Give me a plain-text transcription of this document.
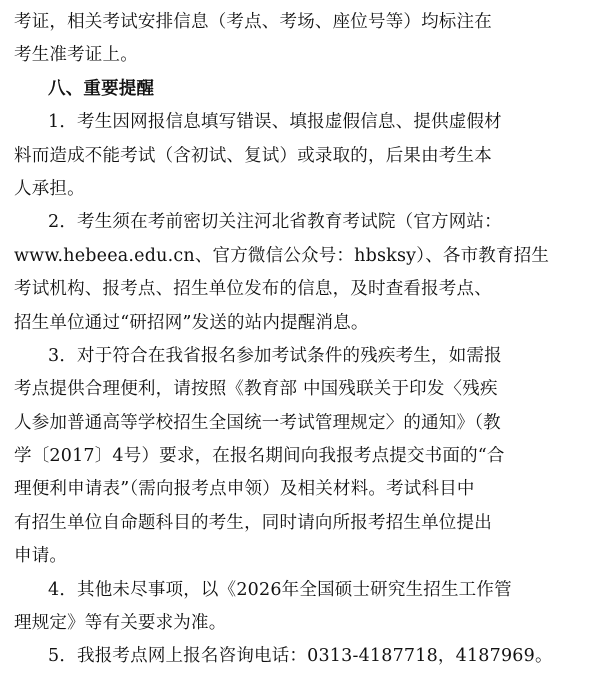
考证，相关考试安排信息（考点、考场、座位号等）均标注在
考生准考证上。
八、重要提醒
1．考生因网报信息填写错误、填报虚假信息、提供虚假材
料而造成不能考试（含初试、复试）或录取的，后果由考生本
人承担。
2．考生须在考前密切关注河北省教育考试院（官方网站：
www.hebeea.edu.cn、官方微信公众号：hbsksy）、各市教育招生
考试机构、报考点、招生单位发布的信息，及时查看报考点、
招生单位通过“研招网”发送的站内提醒消息。
3．对于符合在我省报名参加考试条件的残疾考生，如需报
考点提供合理便利，请按照《教育部 中国残联关于印发〈残疾
人参加普通高等学校招生全国统一考试管理规定〉的通知》（教
学〔2017〕4号）要求，在报名期间向我报考点提交书面的“合
理便利申请表”（需向报考点申领）及相关材料。考试科目中
有招生单位自命题科目的考生，同时请向所报考招生单位提出
申请。
4．其他未尽事项，以《2026年全国硕士研究生招生工作管
理规定》等有关要求为准。
5．我报考点网上报名咨询电话：0313-4187718，4187969。
